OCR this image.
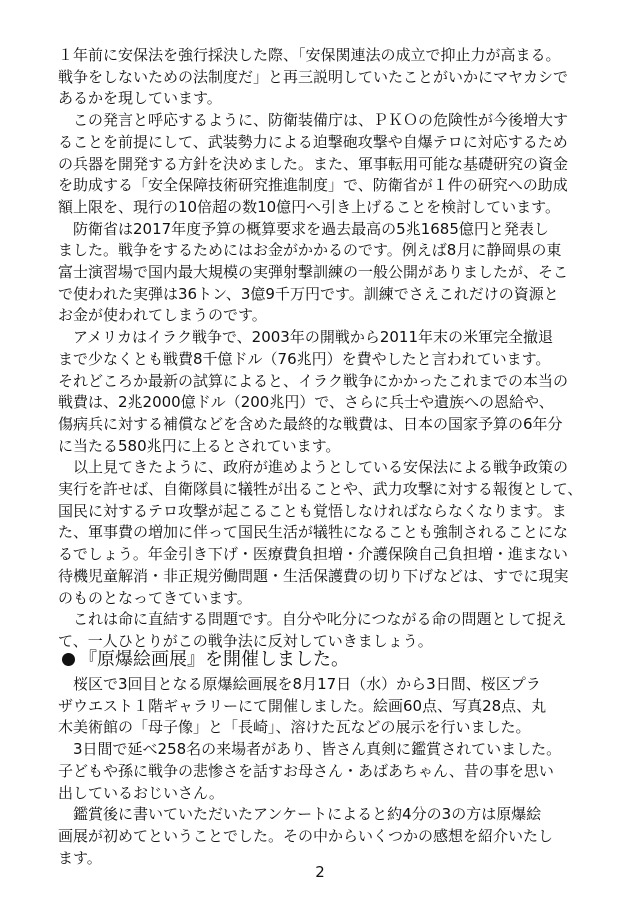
１年前に安保法を強行採決した際、「安保関連法の成立で抑止力が高まる。
戦争をしないための法制度だ」と再三説明していたことがいかにマヤカシで
あるかを現しています。
　この発言と呼応するように、防衛装備庁は、ＰＫＯの危険性が今後増大す
ることを前提にして、武装勢力による迫撃砲攻撃や自爆テロに対応するため
の兵器を開発する方針を決めました。また、軍事転用可能な基礎研究の資金
を助成する「安全保障技術研究推進制度」で、防衛省が１件の研究への助成
額上限を、現行の10倍超の数10億円へ引き上げることを検討しています。
　防衛省は2017年度予算の概算要求を過去最高の5兆1685億円と発表し
ました。戦争をするためにはお金がかかるのです。例えば8月に静岡県の東
富士演習場で国内最大規模の実弾射撃訓練の一般公開がありましたが、そこ
で使われた実弾は36トン、3億9千万円です。訓練でさえこれだけの資源と
お金が使われてしまうのです。
　アメリカはイラク戦争で、2003年の開戦から2011年末の米軍完全撤退
まで少なくとも戦費8千億ドル（76兆円）を費やしたと言われています。
それどころか最新の試算によると、イラク戦争にかかったこれまでの本当の
戦費は、2兆2000億ドル（200兆円）で、さらに兵士や遺族への恩給や、
傷病兵に対する補償などを含めた最終的な戦費は、日本の国家予算の6年分
に当たる580兆円に上るとされています。
　以上見てきたように、政府が進めようとしている安保法による戦争政策の
実行を許せば、自衛隊員に犠牲が出ることや、武力攻撃に対する報復として、
国民に対するテロ攻撃が起こることも覚悟しなければならなくなります。ま
た、軍事費の増加に伴って国民生活が犠牲になることも強制されることにな
るでしょう。年金引き下げ・医療費負担増・介護保険自己負担増・進まない
待機児童解消・非正規労働問題・生活保護費の切り下げなどは、すでに現実
のものとなってきています。
　これは命に直結する問題です。自分や叱分につながる命の問題として捉え
て、一人ひとりがこの戦争法に反対していきましょう。
『原爆絵画展』を開催しました。
　桜区で3回目となる原爆絵画展を8月17日（水）から3日間、桜区プラ
ザウエスト１階ギャラリーにて開催しました。絵画60点、写真28点、丸
木美術館の「母子像」と「長崎」、溶けた瓦などの展示を行いました。
　3日間で延べ258名の来場者があり、皆さん真剣に鑑賞されていました。
子どもや孫に戦争の悲惨さを話すお母さん・あばあちゃん、昔の事を思い
出しているおじいさん。
　鑑賞後に書いていただいたアンケートによると約4分の3の方は原爆絵
画展が初めてということでした。その中からいくつかの感想を紹介いたし
ます。
2
